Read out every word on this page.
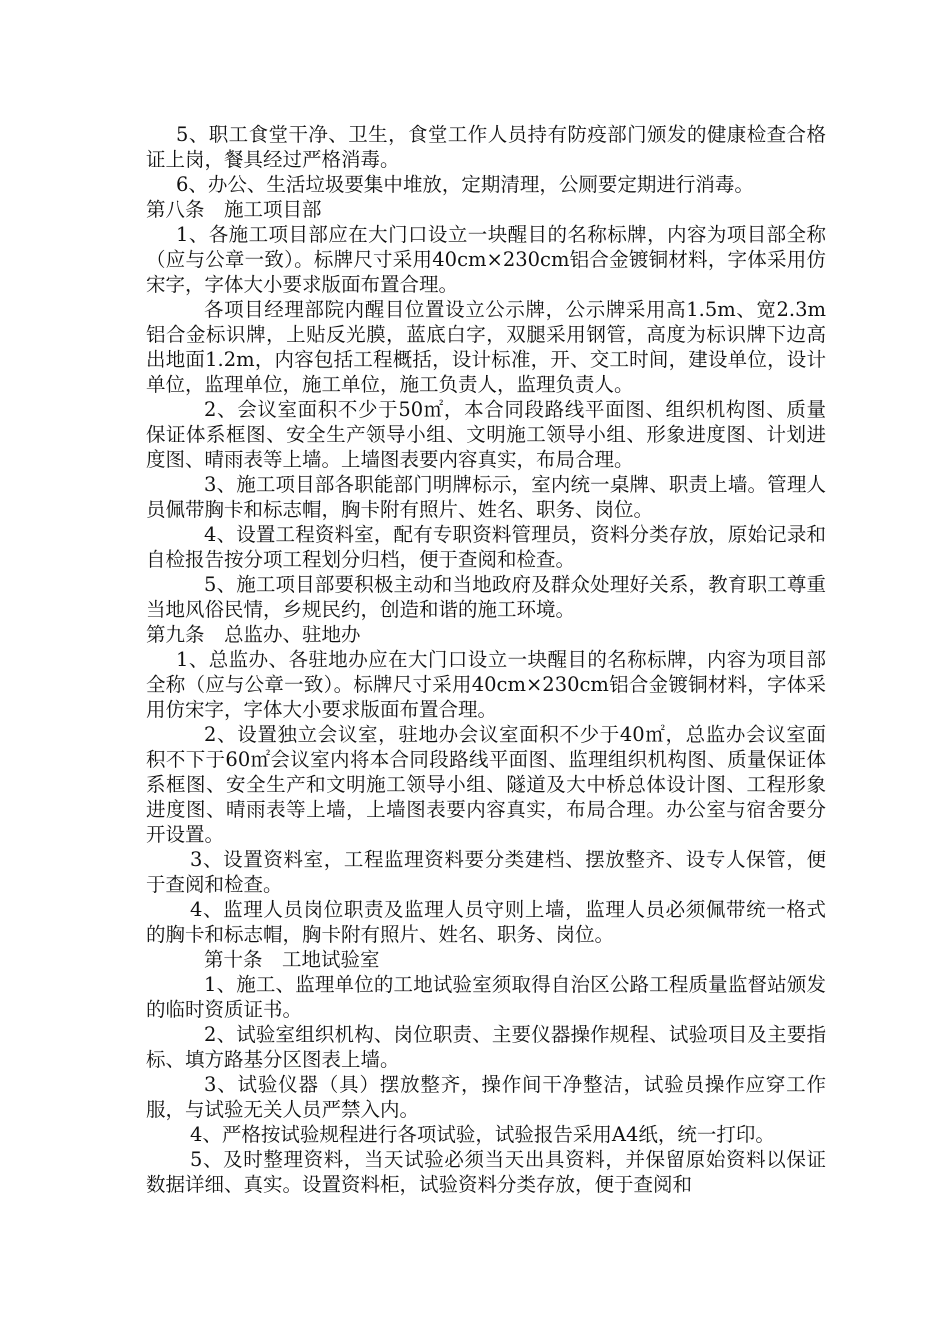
5、职工食堂干净、卫生，食堂工作人员持有防疫部门颁发的健康检查合格证上岗，餐具经过严格消毒。

6、办公、生活垃圾要集中堆放，定期清理，公厕要定期进行消毒。

第八条　施工项目部

1、各施工项目部应在大门口设立一块醒目的名称标牌，内容为项目部全称（应与公章一致）。标牌尺寸采用40cm×230cm铝合金镀铜材料，字体采用仿宋字，字体大小要求版面布置合理。

各项目经理部院内醒目位置设立公示牌，公示牌采用高1.5m、宽2.3m铝合金标识牌，上贴反光膜，蓝底白字，双腿采用钢管，高度为标识牌下边高出地面1.2m，内容包括工程概括，设计标准，开、交工时间，建设单位，设计单位，监理单位，施工单位，施工负责人，监理负责人。

2、会议室面积不少于50㎡，本合同段路线平面图、组织机构图、质量保证体系框图、安全生产领导小组、文明施工领导小组、形象进度图、计划进度图、晴雨表等上墙。上墙图表要内容真实，布局合理。

3、施工项目部各职能部门明牌标示，室内统一桌牌、职责上墙。管理人员佩带胸卡和标志帽，胸卡附有照片、姓名、职务、岗位。

4、设置工程资料室，配有专职资料管理员，资料分类存放，原始记录和自检报告按分项工程划分归档，便于查阅和检查。

5、施工项目部要积极主动和当地政府及群众处理好关系，教育职工尊重当地风俗民情，乡规民约，创造和谐的施工环境。

第九条　总监办、驻地办

1、总监办、各驻地办应在大门口设立一块醒目的名称标牌，内容为项目部全称（应与公章一致）。标牌尺寸采用40cm×230cm铝合金镀铜材料，字体采用仿宋字，字体大小要求版面布置合理。

2、设置独立会议室，驻地办会议室面积不少于40㎡，总监办会议室面积不下于60㎡会议室内将本合同段路线平面图、监理组织机构图、质量保证体系框图、安全生产和文明施工领导小组、隧道及大中桥总体设计图、工程形象进度图、晴雨表等上墙，上墙图表要内容真实，布局合理。办公室与宿舍要分开设置。

3、设置资料室，工程监理资料要分类建档、摆放整齐、设专人保管，便于查阅和检查。

4、监理人员岗位职责及监理人员守则上墙，监理人员必须佩带统一格式的胸卡和标志帽，胸卡附有照片、姓名、职务、岗位。

第十条　工地试验室

1、施工、监理单位的工地试验室须取得自治区公路工程质量监督站颁发的临时资质证书。

2、试验室组织机构、岗位职责、主要仪器操作规程、试验项目及主要指标、填方路基分区图表上墙。

3、试验仪器（具）摆放整齐，操作间干净整洁，试验员操作应穿工作服，与试验无关人员严禁入内。

4、严格按试验规程进行各项试验，试验报告采用A4纸，统一打印。

5、及时整理资料，当天试验必须当天出具资料，并保留原始资料以保证数据详细、真实。设置资料柜，试验资料分类存放，便于查阅和
